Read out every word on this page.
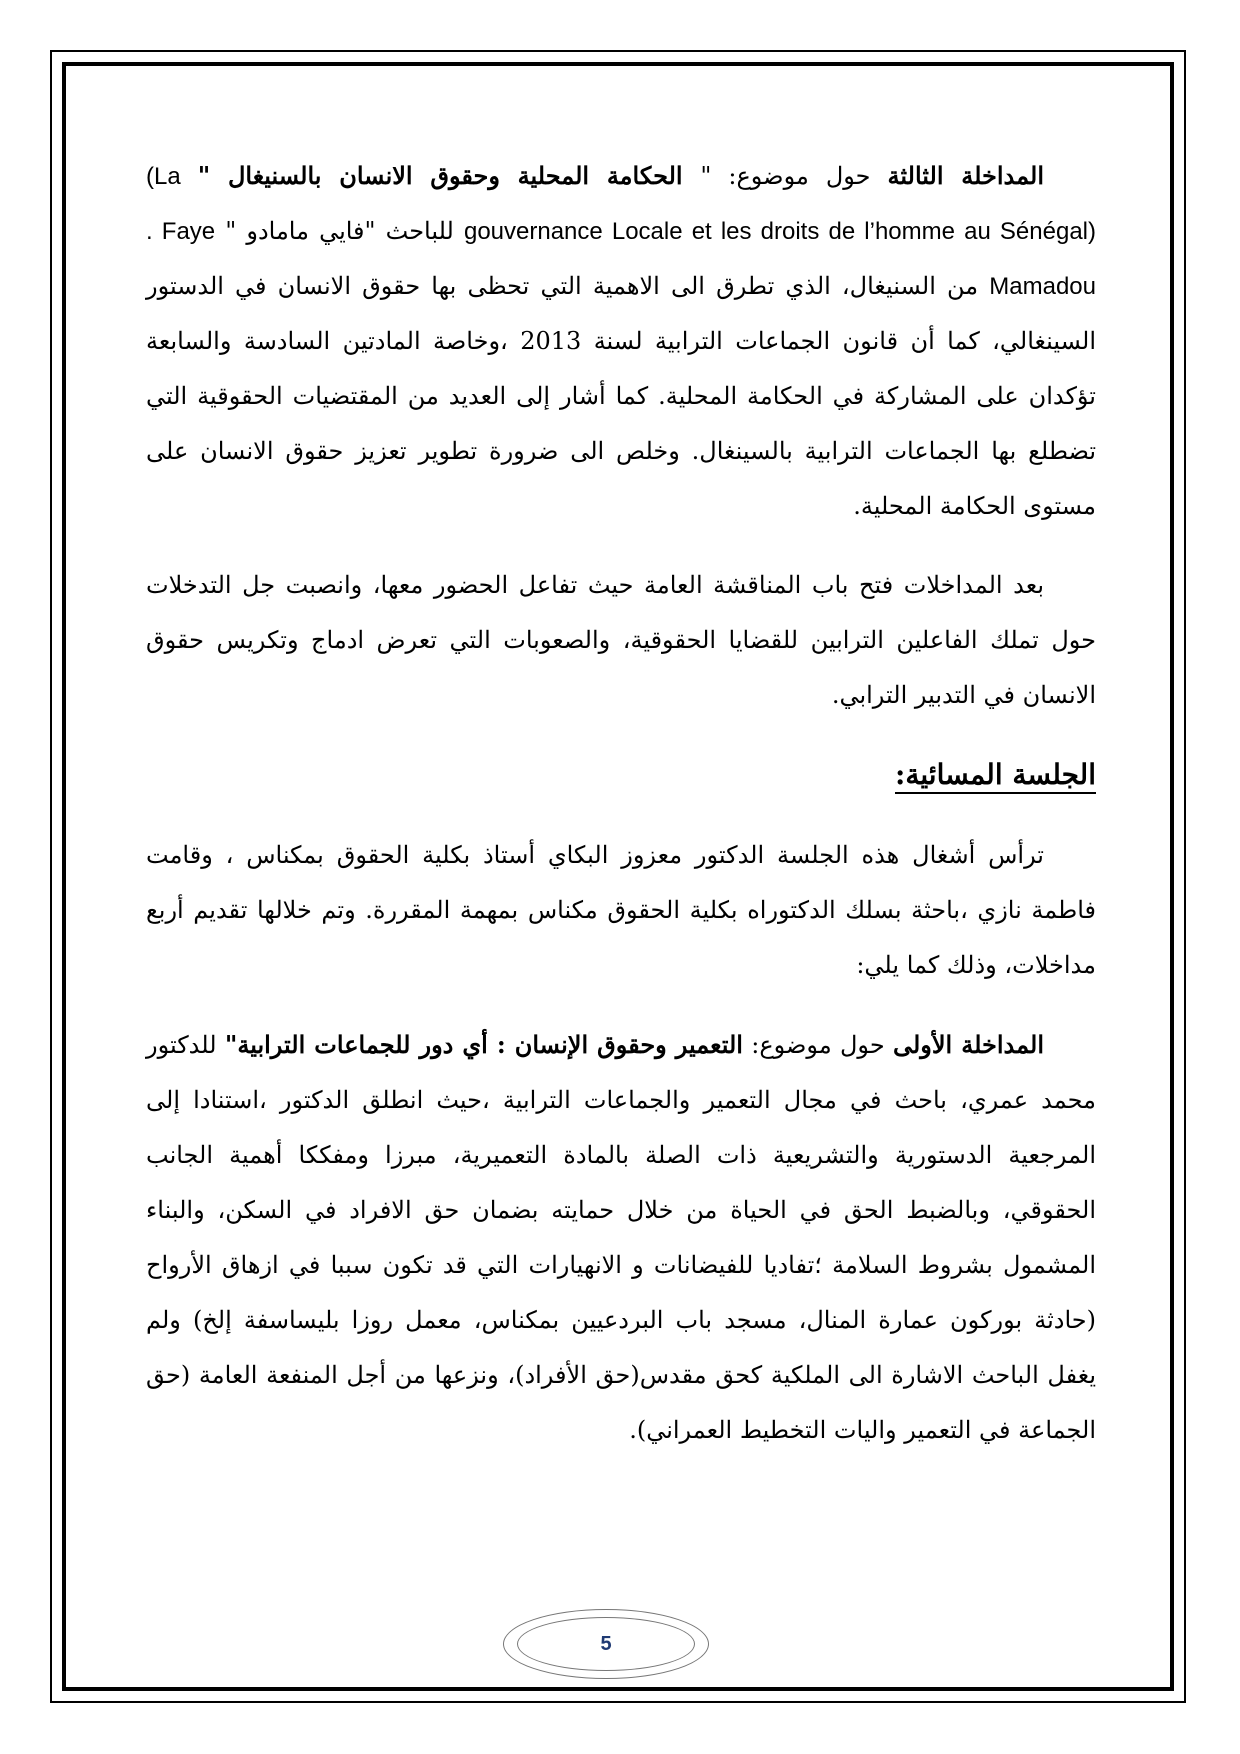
المداخلة الثالثة حول موضوع: " الحكامة المحلية وحقوق الانسان بالسنيغال " (La gouvernance Locale et les droits de l’homme au Sénégal) للباحث "فايي مامادو " . Faye Mamadou من السنيغال، الذي تطرق الى الاهمية التي تحظى بها حقوق الانسان في الدستور السينغالي، كما أن قانون الجماعات الترابية لسنة 2013 ،وخاصة المادتين السادسة والسابعة تؤكدان على المشاركة في الحكامة المحلية. كما أشار إلى العديد من المقتضيات الحقوقية التي تضطلع بها الجماعات الترابية بالسينغال. وخلص الى ضرورة تطوير تعزيز حقوق الانسان على مستوى الحكامة المحلية.

بعد المداخلات فتح باب المناقشة العامة حيث تفاعل الحضور معها، وانصبت جل التدخلات حول تملك الفاعلين الترابين للقضايا الحقوقية، والصعوبات التي تعرض ادماج وتكريس حقوق الانسان في التدبير الترابي.

الجلسة المسائية:

ترأس أشغال هذه الجلسة الدكتور معزوز البكاي أستاذ بكلية الحقوق بمكناس ، وقامت فاطمة نازي ،باحثة بسلك الدكتوراه بكلية الحقوق مكناس بمهمة المقررة. وتم خلالها تقديم أربع مداخلات، وذلك كما يلي:

المداخلة الأولى حول موضوع: التعمير وحقوق الإنسان : أي دور للجماعات الترابية" للدكتور محمد عمري، باحث في مجال التعمير والجماعات الترابية ،حيث انطلق الدكتور ،استنادا إلى المرجعية الدستورية والتشريعية ذات الصلة بالمادة التعميرية، مبرزا ومفككا أهمية الجانب الحقوقي، وبالضبط الحق في الحياة من خلال حمايته بضمان حق الافراد في السكن، والبناء المشمول بشروط السلامة ؛تفاديا للفيضانات و الانهيارات التي قد تكون سببا في ازهاق الأرواح (حادثة بوركون عمارة المنال، مسجد باب البردعيين بمكناس، معمل روزا بليساسفة إلخ) ولم يغفل الباحث الاشارة الى الملكية كحق مقدس(حق الأفراد)، ونزعها من أجل المنفعة العامة (حق الجماعة في التعمير واليات التخطيط العمراني).

5
